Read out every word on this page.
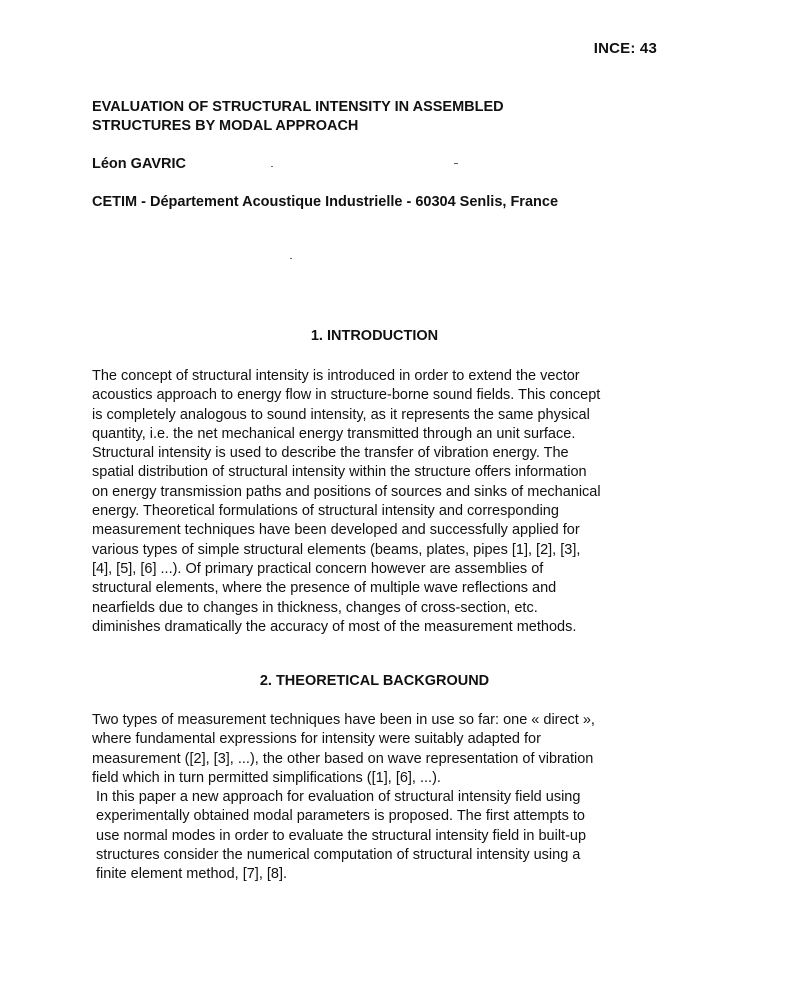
INCE: 43
EVALUATION OF STRUCTURAL INTENSITY IN ASSEMBLED
STRUCTURES BY MODAL APPROACH
Léon GAVRIC
CETIM - Département Acoustique Industrielle - 60304 Senlis, France
1. INTRODUCTION

The concept of structural intensity is introduced in order to extend the vector
acoustics approach to energy flow in structure-borne sound fields. This concept
is completely analogous to sound intensity, as it represents the same physical
quantity, i.e. the net mechanical energy transmitted through an unit surface.
Structural intensity is used to describe the transfer of vibration energy. The
spatial distribution of structural intensity within the structure offers information
on energy transmission paths and positions of sources and sinks of mechanical
energy. Theoretical formulations of structural intensity and corresponding
measurement techniques have been developed and successfully applied for
various types of simple structural elements (beams, plates, pipes [1], [2], [3],
[4], [5], [6] ...). Of primary practical concern however are assemblies of
structural elements, where the presence of multiple wave reflections and
nearfields due to changes in thickness, changes of cross-section, etc.
diminishes dramatically the accuracy of most of the measurement methods.

2. THEORETICAL BACKGROUND

Two types of measurement techniques have been in use so far: one « direct »,
where fundamental expressions for intensity were suitably adapted for
measurement ([2], [3], ...), the other based on wave representation of vibration
field which in turn permitted simplifications ([1], [6], ...).

In this paper a new approach for evaluation of structural intensity field using
experimentally obtained modal parameters is proposed. The first attempts to
use normal modes in order to evaluate the structural intensity field in built-up
structures consider the numerical computation of structural intensity using a
finite element method, [7], [8].
